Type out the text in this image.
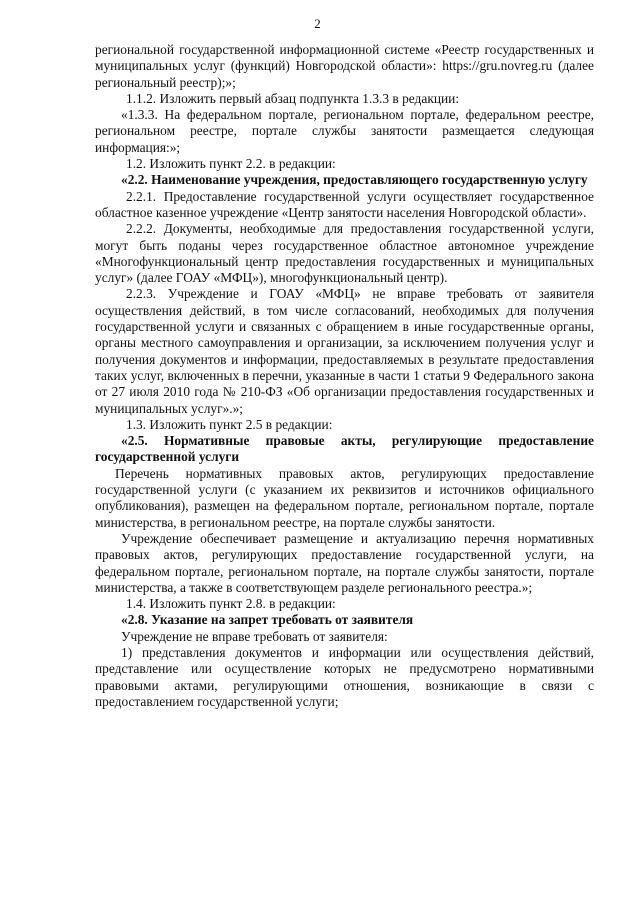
2

региональной государственной информационной системе «Реестр государственных и муниципальных услуг (функций) Новгородской области»: https://gru.novreg.ru (далее региональный реестр);»;

1.1.2. Изложить первый абзац подпункта 1.3.3 в редакции:

«1.3.3. На федеральном портале, региональном портале, федеральном реестре, региональном реестре, портале службы занятости размещается следующая информация:»;

1.2. Изложить пункт 2.2. в редакции:

«2.2. Наименование учреждения, предоставляющего государственную услугу

2.2.1. Предоставление государственной услуги осуществляет государственное областное казенное учреждение «Центр занятости населения Новгородской области».

2.2.2. Документы, необходимые для предоставления государственной услуги, могут быть поданы через государственное областное автономное учреждение «Многофункциональный центр предоставления государственных и муниципальных услуг» (далее ГОАУ «МФЦ»), многофункциональный центр).

2.2.3. Учреждение и ГОАУ «МФЦ» не вправе требовать от заявителя осуществления действий, в том числе согласований, необходимых для получения государственной услуги и связанных с обращением в иные государственные органы, органы местного самоуправления и организации, за исключением получения услуг и получения документов и информации, предоставляемых в результате предоставления таких услуг, включенных в перечни, указанные в части 1 статьи 9 Федерального закона от 27 июля 2010 года № 210-ФЗ «Об организации предоставления государственных и муниципальных услуг».»;

1.3. Изложить пункт 2.5 в редакции:

«2.5. Нормативные правовые акты, регулирующие предоставление государственной услуги

Перечень нормативных правовых актов, регулирующих предоставление государственной услуги (с указанием их реквизитов и источников официального опубликования), размещен на федеральном портале, региональном портале, портале министерства, в региональном реестре, на портале службы занятости.

Учреждение обеспечивает размещение и актуализацию перечня нормативных правовых актов, регулирующих предоставление государственной услуги, на федеральном портале, региональном портале, на портале службы занятости, портале министерства, а также в соответствующем разделе регионального реестра.»;

1.4. Изложить пункт 2.8. в редакции:

«2.8. Указание на запрет требовать от заявителя

Учреждение не вправе требовать от заявителя:

1) представления документов и информации или осуществления действий, представление или осуществление которых не предусмотрено нормативными правовыми актами, регулирующими отношения, возникающие в связи с предоставлением государственной услуги;
